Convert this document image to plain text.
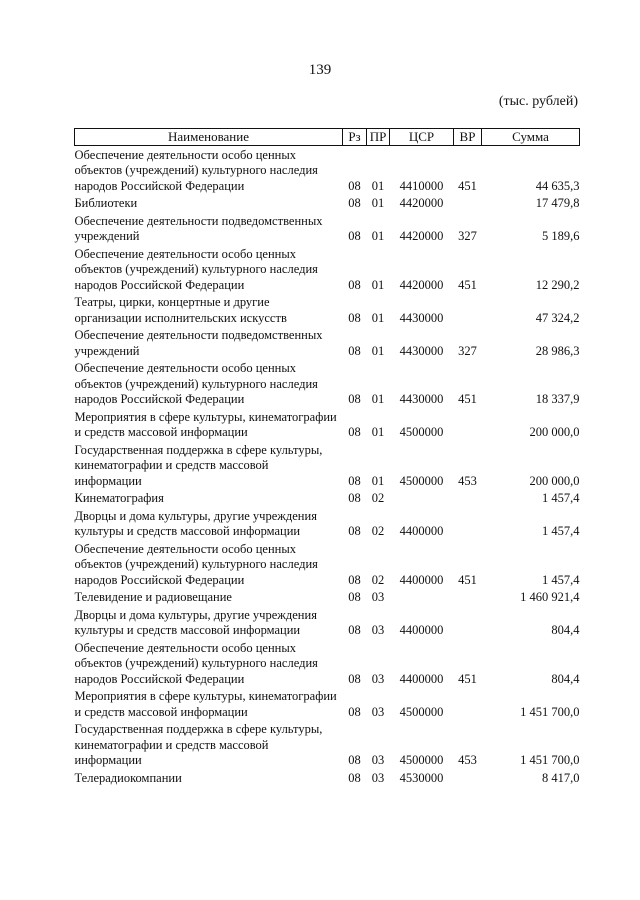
139
(тыс. рублей)
Наименование	Рз	ПР	ЦСР	ВР	Сумма
Обеспечение деятельности особо ценных объектов (учреждений) культурного наследия народов Российской Федерации	08	01	4410000	451	44 635,3
Библиотеки	08	01	4420000		17 479,8
Обеспечение деятельности подведомственных учреждений	08	01	4420000	327	5 189,6
Обеспечение деятельности особо ценных объектов (учреждений) культурного наследия народов Российской Федерации	08	01	4420000	451	12 290,2
Театры, цирки, концертные и другие организации исполнительских искусств	08	01	4430000		47 324,2
Обеспечение деятельности подведомственных учреждений	08	01	4430000	327	28 986,3
Обеспечение деятельности особо ценных объектов (учреждений) культурного наследия народов Российской Федерации	08	01	4430000	451	18 337,9
Мероприятия в сфере культуры, кинематографии и средств массовой информации	08	01	4500000		200 000,0
Государственная поддержка в сфере культуры, кинематографии и средств массовой информации	08	01	4500000	453	200 000,0
Кинематография	08	02			1 457,4
Дворцы и дома культуры, другие учреждения культуры и средств массовой информации	08	02	4400000		1 457,4
Обеспечение деятельности особо ценных объектов (учреждений) культурного наследия народов Российской Федерации	08	02	4400000	451	1 457,4
Телевидение и радиовещание	08	03			1 460 921,4
Дворцы и дома культуры, другие учреждения культуры и средств массовой информации	08	03	4400000		804,4
Обеспечение деятельности особо ценных объектов (учреждений) культурного наследия народов Российской Федерации	08	03	4400000	451	804,4
Мероприятия в сфере культуры, кинематографии и средств массовой информации	08	03	4500000		1 451 700,0
Государственная поддержка в сфере культуры, кинематографии и средств массовой информации	08	03	4500000	453	1 451 700,0
Телерадиокомпании	08	03	4530000		8 417,0
